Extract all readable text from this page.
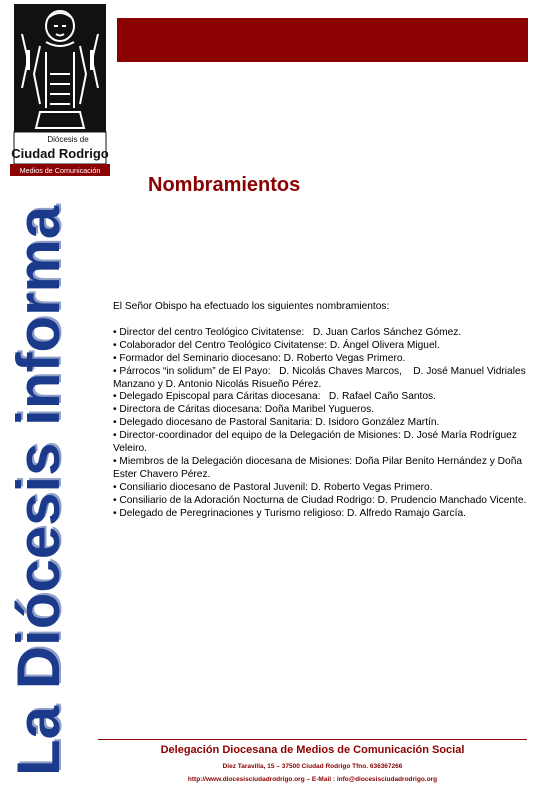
Diócesis de
Ciudad Rodrigo
Medios de Comunicación
La Diócesis informa
Nombramientos

El Señor Obispo ha efectuado los siguientes nombramientos:

• Director del centro Teológico Civitatense:   D. Juan Carlos Sánchez Gómez.
• Colaborador del Centro Teológico Civitatense: D. Ángel Olivera Miguel.
• Formador del Seminario diocesano: D. Roberto Vegas Primero.
• Párrocos “in solidum” de El Payo:   D. Nicolás Chaves Marcos,    D. José Manuel Vidriales Manzano y D. Antonio Nicolás Risueño Pérez.
• Delegado Episcopal para Cáritas diocesana:   D. Rafael Caño Santos.
• Directora de Cáritas diocesana: Doña Maribel Yugueros.
• Delegado diocesano de Pastoral Sanitaria: D. Isidoro González Martín.
• Director-coordinador del equipo de la Delegación de Misiones: D. José María Rodríguez Veleiro.
• Miembros de la Delegación diocesana de Misiones: Doña Pilar Benito Hernández y Doña Ester Chavero Pérez.
• Consiliario diocesano de Pastoral Juvenil: D. Roberto Vegas Primero.
• Consiliario de la Adoración Nocturna de Ciudad Rodrigo: D. Prudencio Manchado Vicente.
• Delegado de Peregrinaciones y Turismo religioso: D. Alfredo Ramajo García.
Delegación Diocesana de Medios de Comunicación Social
Díez Taravilla, 15 – 37500 Ciudad Rodrigo Tfno. 636367266
http://www.diocesisciudadrodrigo.org – E-Mail : info@diocesisciudadrodrigo.org
